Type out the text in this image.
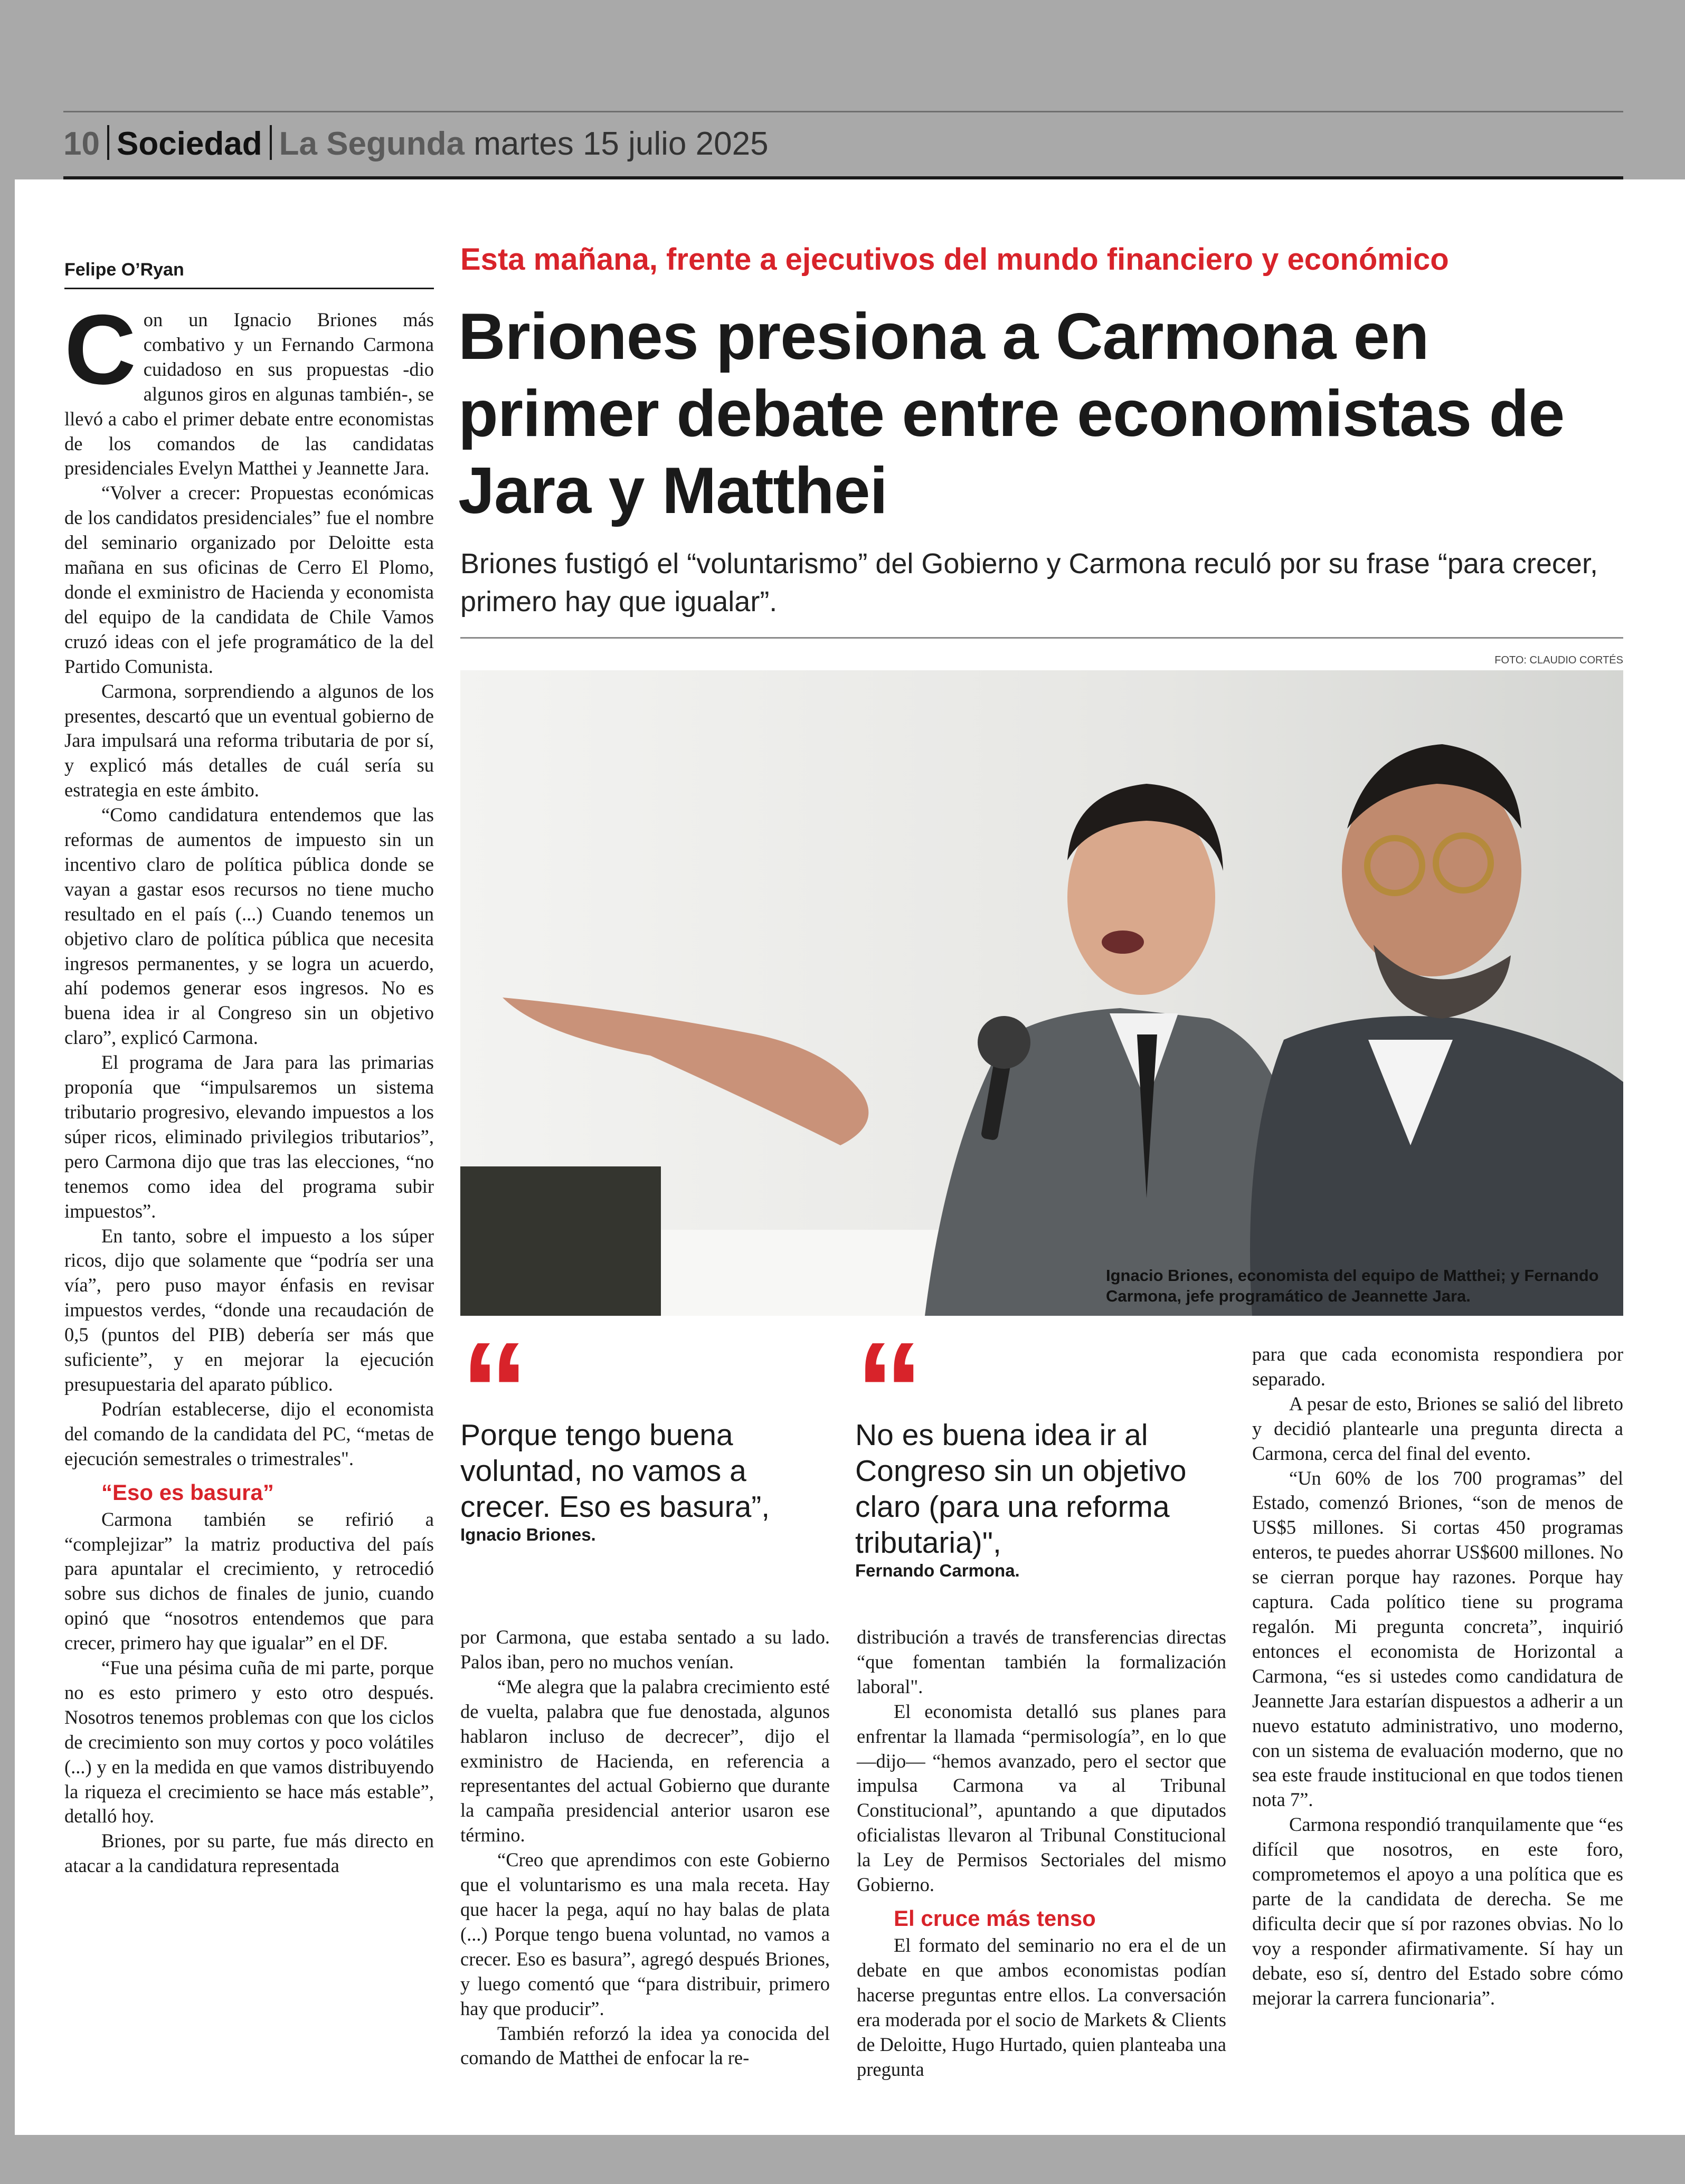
10 Sociedad La Segunda martes 15 julio 2025
Felipe O’Ryan

Con un Ignacio Briones más combativo y un Fernando Carmona cuidadoso en sus propuestas -dio algunos giros en algunas también-, se llevó a cabo el primer debate entre economistas de los comandos de las candidatas presidenciales Evelyn Matthei y Jeannette Jara.

“Volver a crecer: Propuestas económicas de los candidatos presidenciales” fue el nombre del seminario organizado por Deloitte esta mañana en sus oficinas de Cerro El Plomo, donde el exministro de Hacienda y economista del equipo de la candidata de Chile Vamos cruzó ideas con el jefe programático de la del Partido Comunista.

Carmona, sorprendiendo a algunos de los presentes, descartó que un eventual gobierno de Jara impulsará una reforma tributaria de por sí, y explicó más detalles de cuál sería su estrategia en este ámbito.

“Como candidatura entendemos que las reformas de aumentos de impuesto sin un incentivo claro de política pública donde se vayan a gastar esos recursos no tiene mucho resultado en el país (...) Cuando tenemos un objetivo claro de política pública que necesita ingresos permanentes, y se logra un acuerdo, ahí podemos generar esos ingresos. No es buena idea ir al Congreso sin un objetivo claro”, explicó Carmona.

El programa de Jara para las primarias proponía que “impulsaremos un sistema tributario progresivo, elevando impuestos a los súper ricos, eliminado privilegios tributarios”, pero Carmona dijo que tras las elecciones, “no tenemos como idea del programa subir impuestos”.

En tanto, sobre el impuesto a los súper ricos, dijo que solamente que “podría ser una vía”, pero puso mayor énfasis en revisar impuestos verdes, “donde una recaudación de 0,5 (puntos del PIB) debería ser más que suficiente”, y en mejorar la ejecución presupuestaria del aparato público.

Podrían establecerse, dijo el economista del comando de la candidata del PC, “metas de ejecución semestrales o trimestrales".

“Eso es basura”

Carmona también se refirió a “complejizar” la matriz productiva del país para apuntalar el crecimiento, y retrocedió sobre sus dichos de finales de junio, cuando opinó que “nosotros entendemos que para crecer, primero hay que igualar” en el DF.

“Fue una pésima cuña de mi parte, porque no es esto primero y esto otro después. Nosotros tenemos problemas con que los ciclos de crecimiento son muy cortos y poco volátiles (...) y en la medida en que vamos distribuyendo la riqueza el crecimiento se hace más estable”, detalló hoy.

Briones, por su parte, fue más directo en atacar a la candidatura representada

Esta mañana, frente a ejecutivos del mundo financiero y económico
Briones presiona a Carmona en primer debate entre economistas de Jara y Matthei
Briones fustigó el “voluntarismo” del Gobierno y Carmona reculó por su frase “para crecer, primero hay que igualar”.
FOTO: CLAUDIO CORTÉS
Ignacio Briones, economista del equipo de Matthei; y Fernando Carmona, jefe programático de Jeannette Jara.
“
Porque tengo buena voluntad, no vamos a crecer. Eso es basura”,
Ignacio Briones.
“
No es buena idea ir al Congreso sin un objetivo claro (para una reforma tributaria)",
Fernando Carmona.

por Carmona, que estaba sentado a su lado. Palos iban, pero no muchos venían.

“Me alegra que la palabra crecimiento esté de vuelta, palabra que fue denostada, algunos hablaron incluso de decrecer”, dijo el exministro de Hacienda, en referencia a representantes del actual Gobierno que durante la campaña presidencial anterior usaron ese término.

“Creo que aprendimos con este Gobierno que el voluntarismo es una mala receta. Hay que hacer la pega, aquí no hay balas de plata (...) Porque tengo buena voluntad, no vamos a crecer. Eso es basura”, agregó después Briones, y luego comentó que “para distribuir, primero hay que producir”.

También reforzó la idea ya conocida del comando de Matthei de enfocar la re-

distribución a través de transferencias directas “que fomentan también la formalización laboral".

El economista detalló sus planes para enfrentar la llamada “permisología”, en lo que —dijo— “hemos avanzado, pero el sector que impulsa Carmona va al Tribunal Constitucional”, apuntando a que diputados oficialistas llevaron al Tribunal Constitucional la Ley de Permisos Sectoriales del mismo Gobierno.

El cruce más tenso

El formato del seminario no era el de un debate en que ambos economistas podían hacerse preguntas entre ellos. La conversación era moderada por el socio de Markets & Clients de Deloitte, Hugo Hurtado, quien planteaba una pregunta

para que cada economista respondiera por separado.

A pesar de esto, Briones se salió del libreto y decidió plantearle una pregunta directa a Carmona, cerca del final del evento.

“Un 60% de los 700 programas” del Estado, comenzó Briones, “son de menos de US$5 millones. Si cortas 450 programas enteros, te puedes ahorrar US$600 millones. No se cierran porque hay razones. Porque hay captura. Cada político tiene su programa regalón. Mi pregunta concreta”, inquirió entonces el economista de Horizontal a Carmona, “es si ustedes como candidatura de Jeannette Jara estarían dispuestos a adherir a un nuevo estatuto administrativo, uno moderno, con un sistema de evaluación moderno, que no sea este fraude institucional en que todos tienen nota 7”.

Carmona respondió tranquilamente que “es difícil que nosotros, en este foro, comprometemos el apoyo a una política que es parte de la candidata de derecha. Se me dificulta decir que sí por razones obvias. No lo voy a responder afirmativamente. Sí hay un debate, eso sí, dentro del Estado sobre cómo mejorar la carrera funcionaria”.
